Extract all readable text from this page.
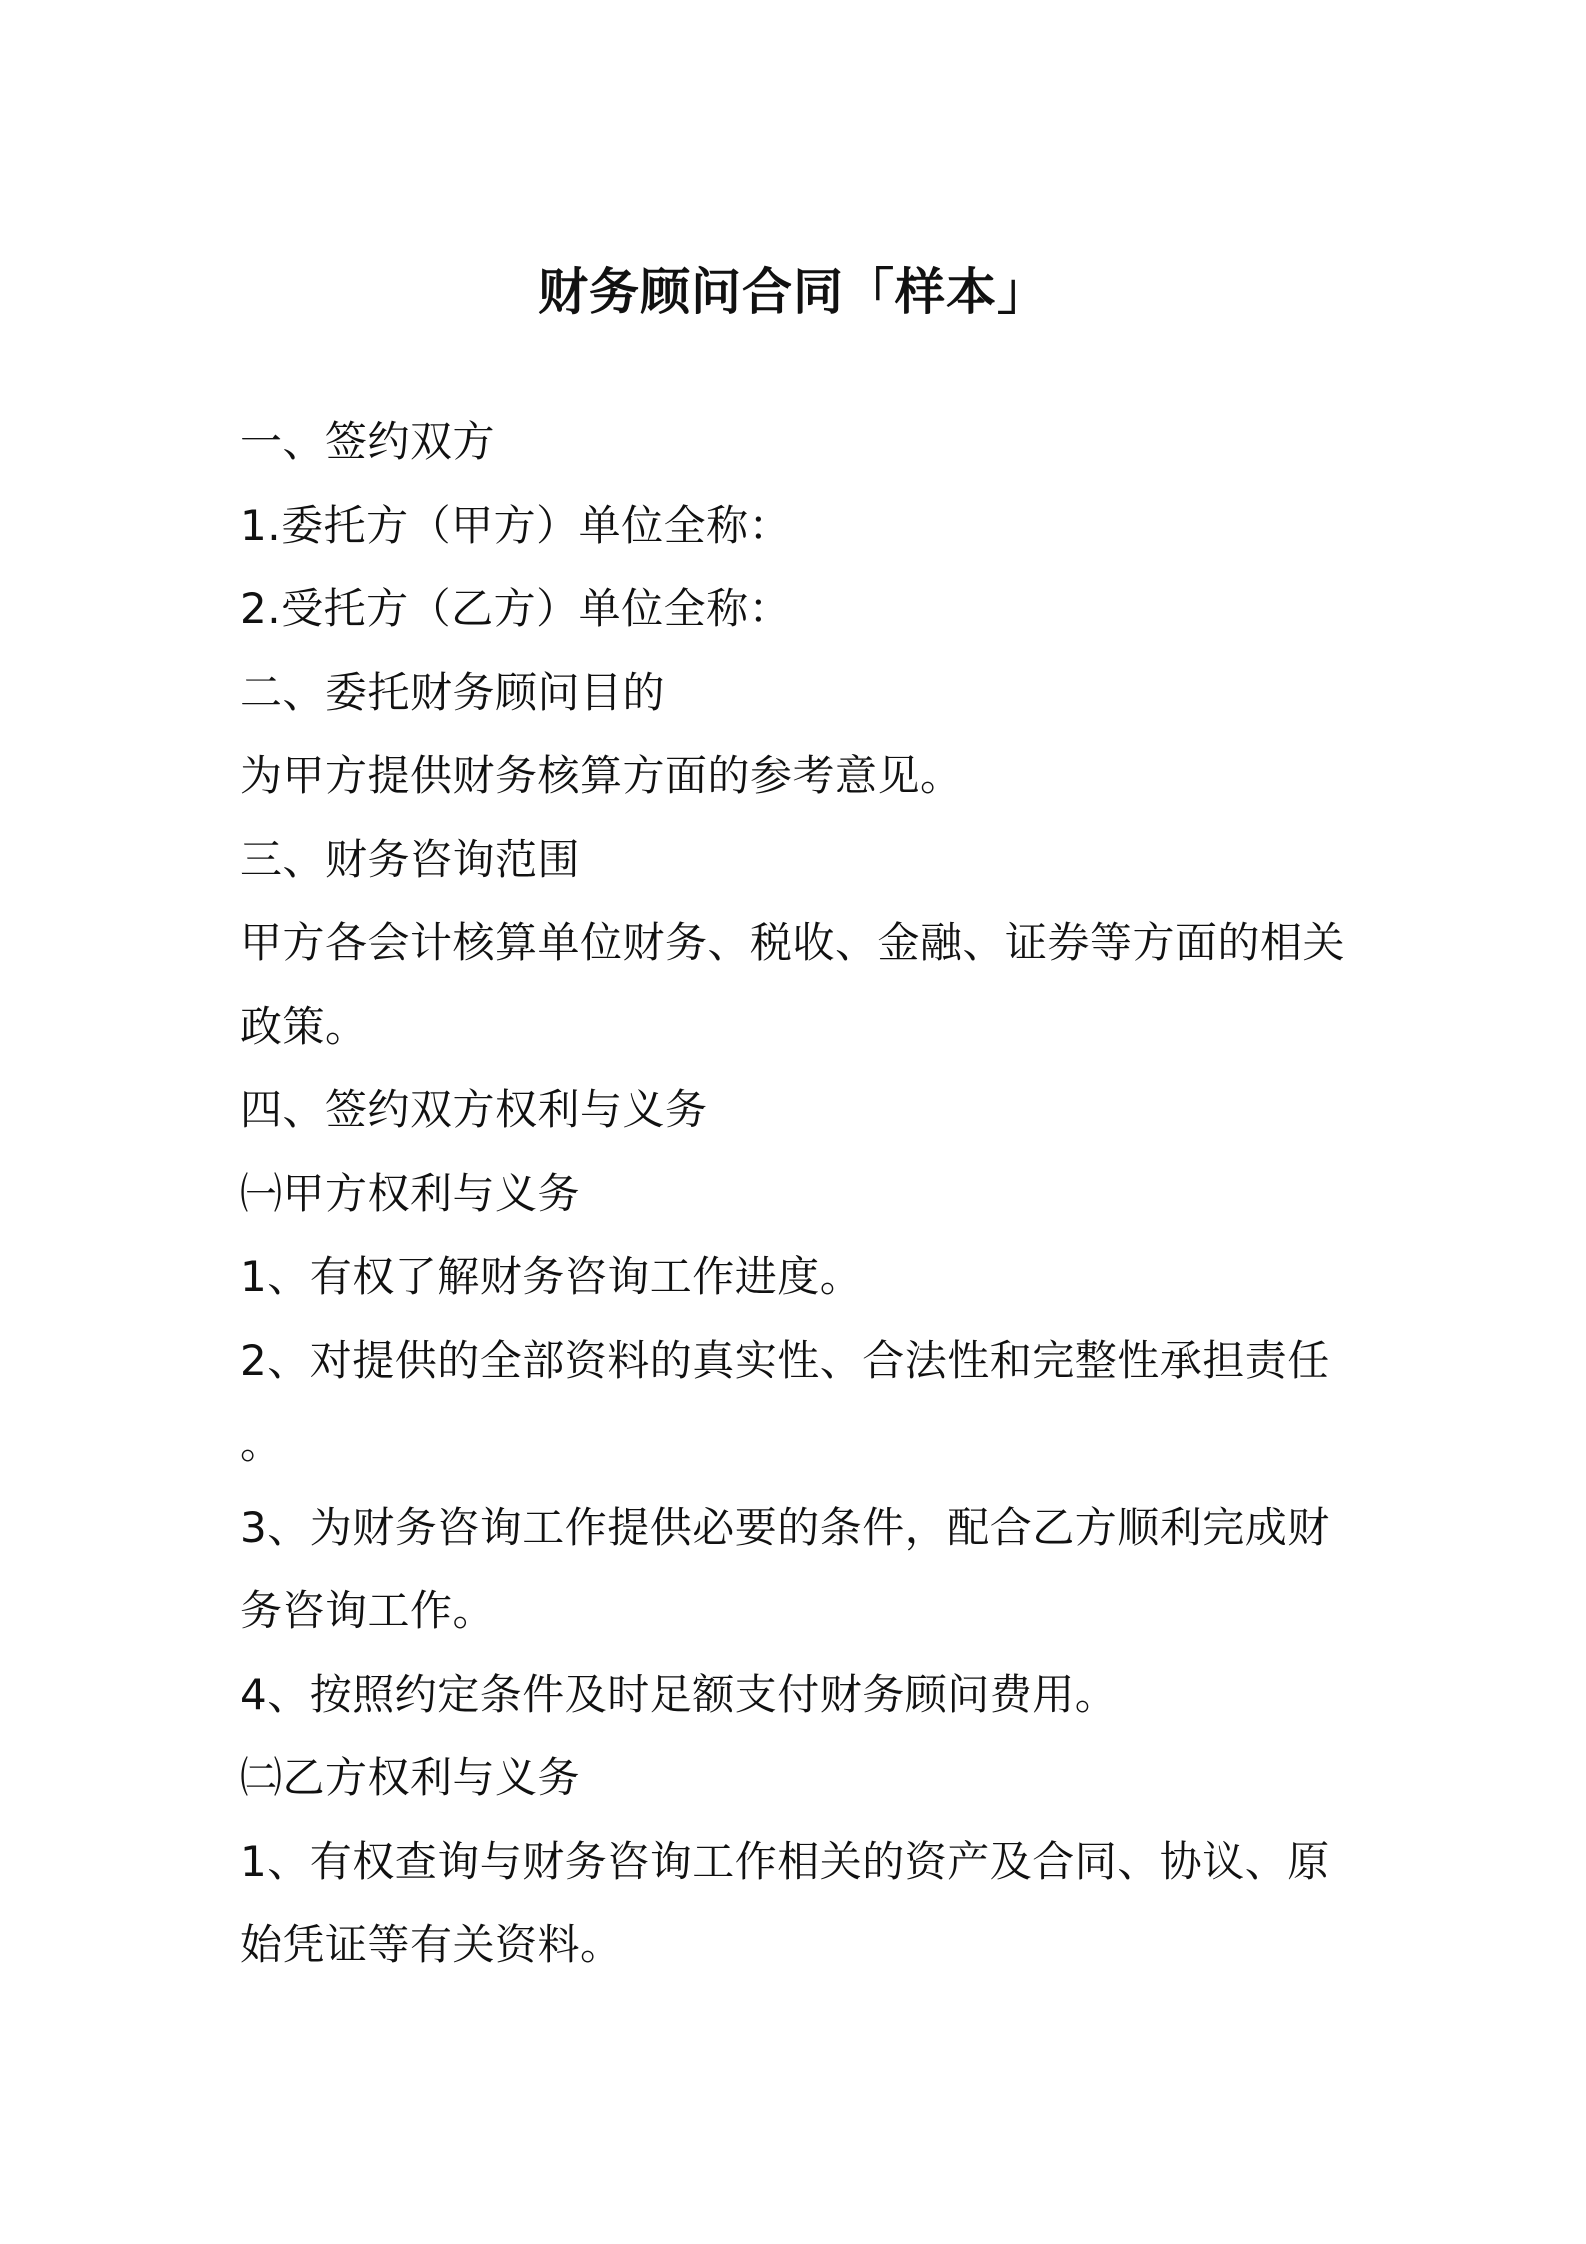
财务顾问合同「样本」

一、签约双方

1.委托方（甲方）单位全称：

2.受托方（乙方）单位全称：

二、委托财务顾问目的

为甲方提供财务核算方面的参考意见。

三、财务咨询范围

甲方各会计核算单位财务、税收、金融、证券等方面的相关

政策。

四、签约双方权利与义务

㈠甲方权利与义务

1、有权了解财务咨询工作进度。

2、对提供的全部资料的真实性、合法性和完整性承担责任

。

3、为财务咨询工作提供必要的条件，配合乙方顺利完成财

务咨询工作。

4、按照约定条件及时足额支付财务顾问费用。

㈡乙方权利与义务

1、有权查询与财务咨询工作相关的资产及合同、协议、原

始凭证等有关资料。
